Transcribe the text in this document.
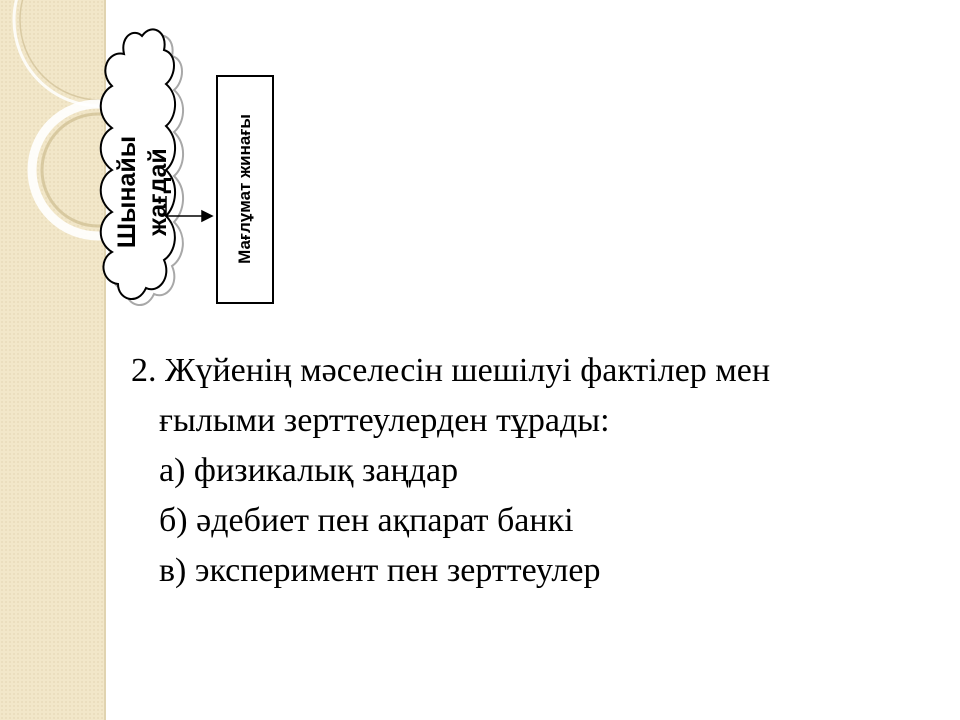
Шынайы жағдай	Мағлұмат жинағы
2. Жүйенің мәселесін шешілуі фактілер мен
ғылыми зерттеулерден тұрады:
а) физикалық заңдар
б) әдебиет пен ақпарат банкі
в) эксперимент пен зерттеулер
